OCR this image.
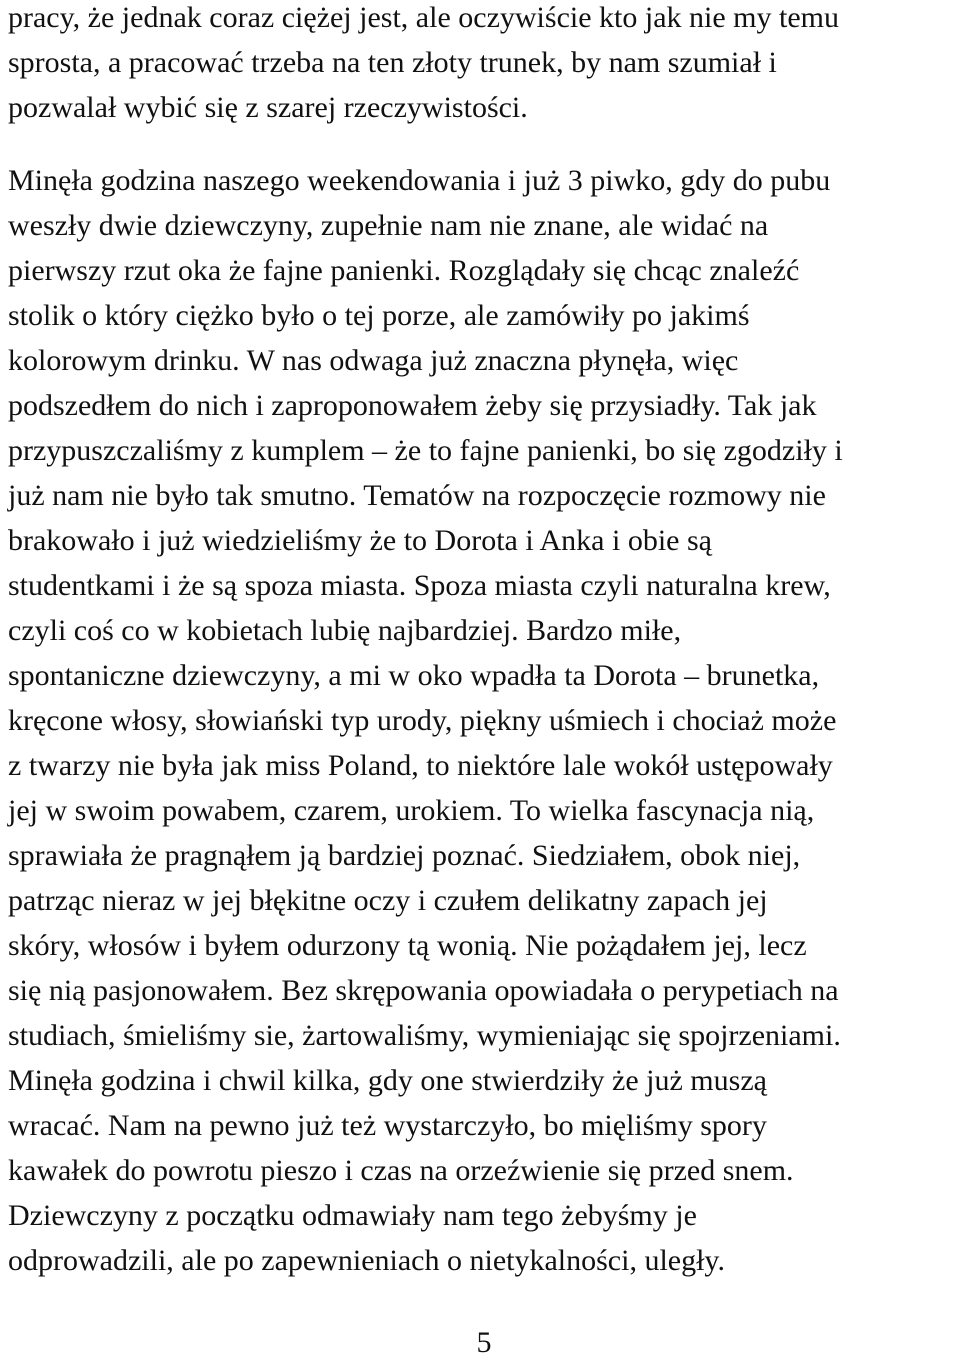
pracy, że jednak coraz ciężej jest, ale oczywiście kto jak nie my temu
sprosta, a pracować trzeba na ten złoty trunek, by nam szumiał i
pozwalał wybić się z szarej rzeczywistości.
Minęła godzina naszego weekendowania i już 3 piwko, gdy do pubu
weszły dwie dziewczyny, zupełnie nam nie znane, ale widać na
pierwszy rzut oka że fajne panienki. Rozglądały się chcąc znaleźć
stolik o który ciężko było o tej porze, ale zamówiły po jakimś
kolorowym drinku. W nas odwaga już znaczna płynęła, więc
podszedłem do nich i zaproponowałem żeby się przysiadły. Tak jak
przypuszczaliśmy z kumplem – że to fajne panienki, bo się zgodziły i
już nam nie było tak smutno. Tematów na rozpoczęcie rozmowy nie
brakowało i już wiedzieliśmy że to Dorota i Anka i obie są
studentkami i że są spoza miasta. Spoza miasta czyli naturalna krew,
czyli coś co w kobietach lubię najbardziej. Bardzo miłe,
spontaniczne dziewczyny, a mi w oko wpadła ta Dorota – brunetka,
kręcone włosy, słowiański typ urody, piękny uśmiech i chociaż może
z twarzy nie była jak miss Poland, to niektóre lale wokół ustępowały
jej w swoim powabem, czarem, urokiem. To wielka fascynacja nią,
sprawiała że pragnąłem ją bardziej poznać. Siedziałem, obok niej,
patrząc nieraz w jej błękitne oczy i czułem delikatny zapach jej
skóry, włosów i byłem odurzony tą wonią. Nie pożądałem jej, lecz
się nią pasjonowałem. Bez skrępowania opowiadała o perypetiach na
studiach, śmieliśmy sie, żartowaliśmy, wymieniając się spojrzeniami.
Minęła godzina i chwil kilka, gdy one stwierdziły że już muszą
wracać. Nam na pewno już też wystarczyło, bo mięliśmy spory
kawałek do powrotu pieszo i czas na orzeźwienie się przed snem.
Dziewczyny z początku odmawiały nam tego żebyśmy je
odprowadzili, ale po zapewnieniach o nietykalności, uległy.
5
